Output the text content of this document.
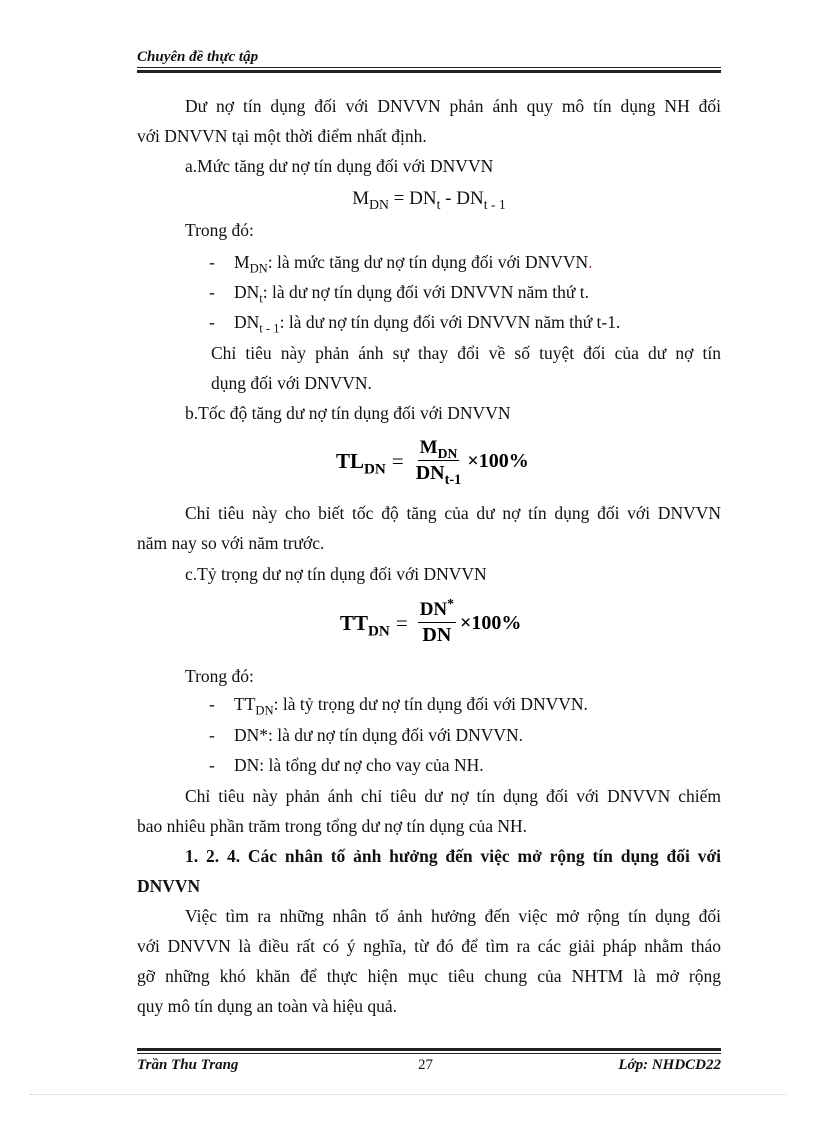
Chuyên đề thực tập
Dư nợ tín dụng đối với DNVVN phản ánh quy mô tín dụng NH đối
với DNVVN tại một thời điểm nhất định.
a.Mức tăng dư nợ tín dụng đối với DNVVN
$M_{DN} = DN_t - DN_{t - 1}$
Trong đó:
- $M_{DN}$: là mức tăng dư nợ tín dụng đối với DNVVN.
- $DN_t$: là dư nợ tín dụng đối với DNVVN năm thứ t.
- $DN_{t - 1}$: là dư nợ tín dụng đối với DNVVN năm thứ t-1.
Chỉ tiêu này phản ánh sự thay đổi về số tuyệt đối của dư nợ tín
dụng đối với DNVVN.
b.Tốc độ tăng dư nợ tín dụng đối với DNVVN
$TL_{DN} = \frac{M_{DN}}{DN_{t-1}} \times 100\%$
Chỉ tiêu này cho biết tốc độ tăng của dư nợ tín dụng đối với DNVVN
năm nay so với năm trước.
c.Tỷ trọng dư nợ tín dụng đối với DNVVN
$TT_{DN} = \frac{DN^*}{DN} \times 100\%$
Trong đó:
- $TT_{DN}$: là tỷ trọng dư nợ tín dụng đối với DNVVN.
- DN*: là dư nợ tín dụng đối với DNVVN.
- DN: là tổng dư nợ cho vay của NH.
Chỉ tiêu này phản ánh chỉ tiêu dư nợ tín dụng đối với DNVVN chiếm
bao nhiêu phần trăm trong tổng dư nợ tín dụng của NH.
1. 2. 4. Các nhân tố ảnh hưởng đến việc mở rộng tín dụng đối với
DNVVN
Việc tìm ra những nhân tố ảnh hưởng đến việc mở rộng tín dụng đối
với DNVVN là điều rất có ý nghĩa, từ đó để tìm ra các giải pháp nhằm tháo
gỡ những khó khăn để thực hiện mục tiêu chung của NHTM là mở rộng
quy mô tín dụng an toàn và hiệu quả.
Trần Thu Trang	27	Lớp: NHDCD22
